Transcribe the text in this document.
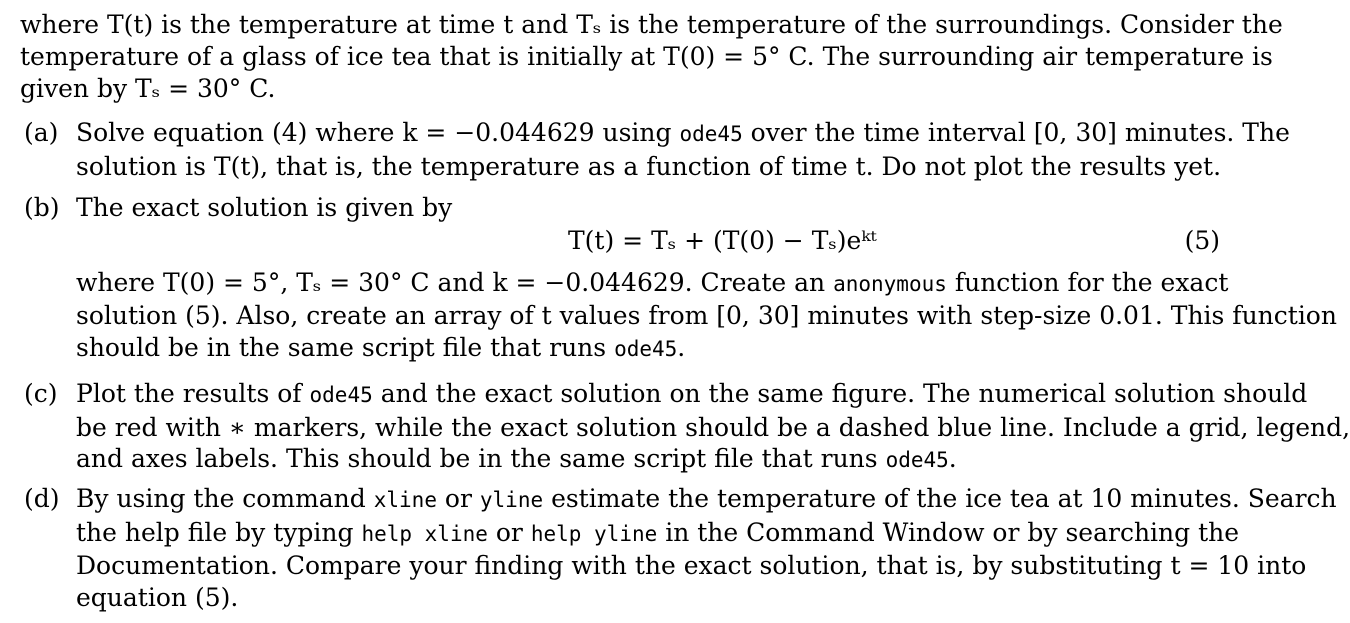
where T(t) is the temperature at time t and Tₛ is the temperature of the surroundings. Consider the
temperature of a glass of ice tea that is initially at T(0) = 5° C. The surrounding air temperature is
given by Tₛ = 30° C.
(a) Solve equation (4) where k = −0.044629 using ode45 over the time interval [0, 30] minutes. The
solution is T(t), that is, the temperature as a function of time t. Do not plot the results yet.
(b) The exact solution is given by
T(t) = Tₛ + (T(0) − Tₛ)eᵏᵗ	(5)
where T(0) = 5°, Tₛ = 30° C and k = −0.044629. Create an anonymous function for the exact
solution (5). Also, create an array of t values from [0, 30] minutes with step-size 0.01. This function
should be in the same script file that runs ode45.
(c) Plot the results of ode45 and the exact solution on the same figure. The numerical solution should
be red with ∗ markers, while the exact solution should be a dashed blue line. Include a grid, legend,
and axes labels. This should be in the same script file that runs ode45.
(d) By using the command xline or yline estimate the temperature of the ice tea at 10 minutes. Search
the help file by typing help xline or help yline in the Command Window or by searching the
Documentation. Compare your finding with the exact solution, that is, by substituting t = 10 into
equation (5).
